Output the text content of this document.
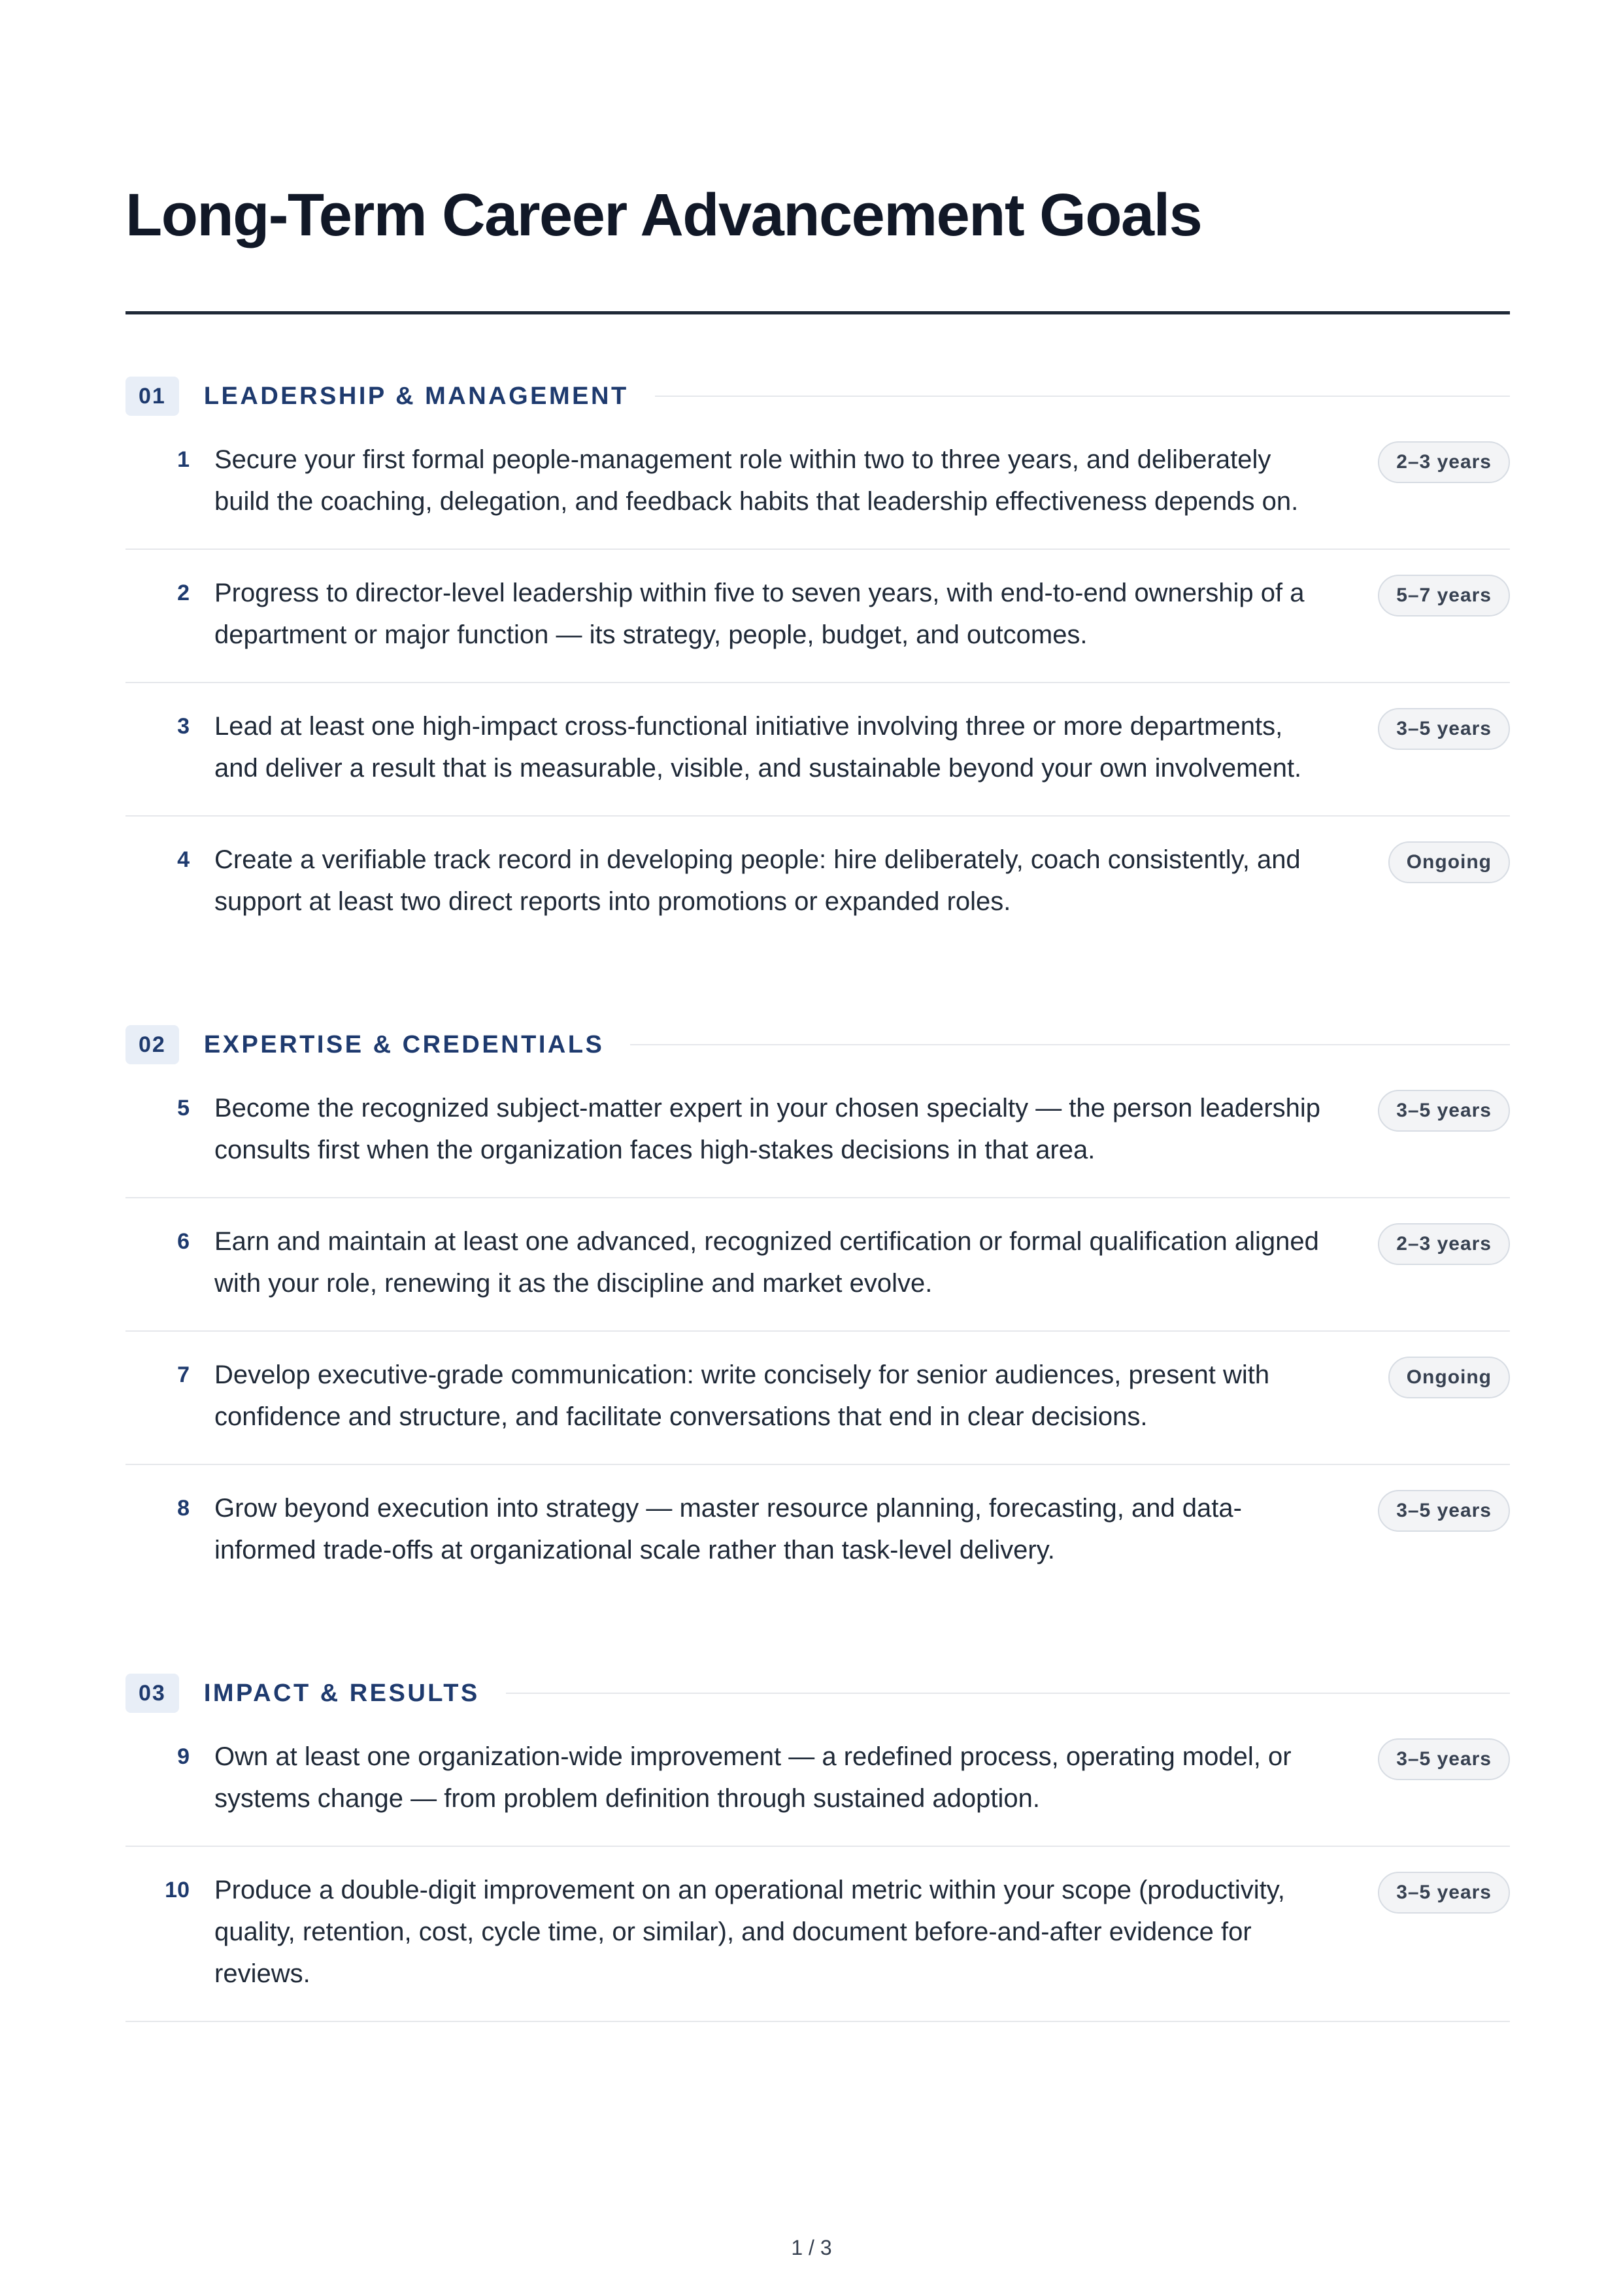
Long-Term Career Advancement Goals
01	LEADERSHIP & MANAGEMENT
1 Secure your first formal people-management role within two to three years, and deliberately build the coaching, delegation, and feedback habits that leadership effectiveness depends on.

2–3 years
2 Progress to director-level leadership within five to seven years, with end-to-end ownership of a department or major function — its strategy, people, budget, and outcomes.

5–7 years
3 Lead at least one high-impact cross-functional initiative involving three or more departments, and deliver a result that is measurable, visible, and sustainable beyond your own involvement.

3–5 years
4 Create a verifiable track record in developing people: hire deliberately, coach consistently, and support at least two direct reports into promotions or expanded roles.

Ongoing
02	EXPERTISE & CREDENTIALS
5 Become the recognized subject-matter expert in your chosen specialty — the person leadership consults first when the organization faces high-stakes decisions in that area.

3–5 years
6 Earn and maintain at least one advanced, recognized certification or formal qualification aligned with your role, renewing it as the discipline and market evolve.

2–3 years
7 Develop executive-grade communication: write concisely for senior audiences, present with confidence and structure, and facilitate conversations that end in clear decisions.

Ongoing
8 Grow beyond execution into strategy — master resource planning, forecasting, and data-informed trade-offs at organizational scale rather than task-level delivery.

3–5 years
03	IMPACT & RESULTS
9 Own at least one organization-wide improvement — a redefined process, operating model, or systems change — from problem definition through sustained adoption.

3–5 years
10 Produce a double-digit improvement on an operational metric within your scope (productivity, quality, retention, cost, cycle time, or similar), and document before-and-after evidence for reviews.

3–5 years
1 / 3
